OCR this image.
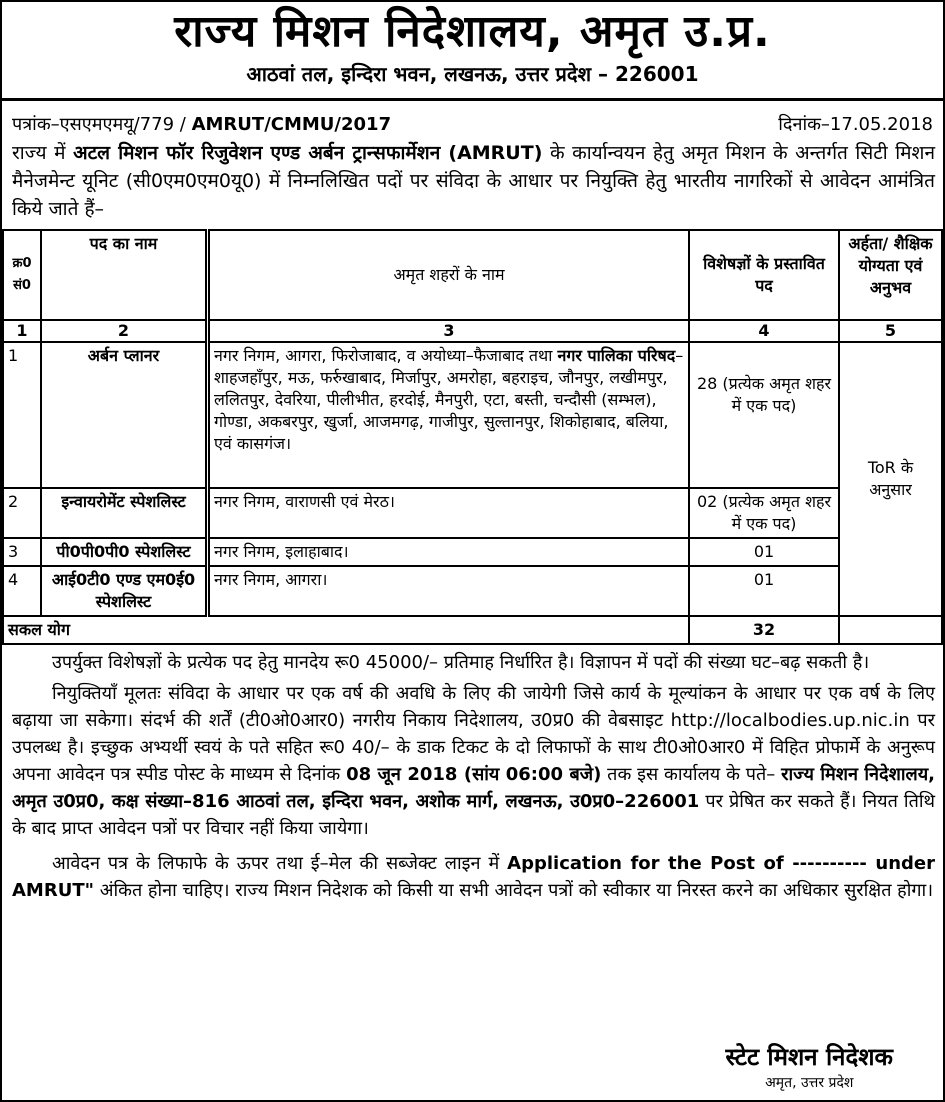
राज्य मिशन निदेशालय, अमृत उ.प्र.
आठवां तल, इन्दिरा भवन, लखनऊ, उत्तर प्रदेश – 226001
पत्रांक–एसएमएमयू/779 / AMRUT/CMMU/2017	दिनांक–17.05.2018
राज्य में अटल मिशन फॉर रिजुवेशन एण्ड अर्बन ट्रान्सफार्मेशन (AMRUT) के कार्यान्वयन हेतु अमृत मिशन के अन्तर्गत सिटी मिशन मैनेजमेन्ट यूनिट (सी0एम0एम0यू0) में निम्नलिखित पदों पर संविदा के आधार पर नियुक्ति हेतु भारतीय नागरिकों से आवेदन आमंत्रित किये जाते हैं–
क्र0 सं0	पद का नाम	अमृत शहरों के नाम	विशेषज्ञों के प्रस्तावित पद	अर्हता/ शैक्षिक योग्यता एवं अनुभव
1	2	3	4	5
1	अर्बन प्लानर	नगर निगम, आगरा, फिरोजाबाद, व अयोध्या–फैजाबाद तथा नगर पालिका परिषद–शाहजहाँपुर, मऊ, फर्रुखाबाद, मिर्जापुर, अमरोहा, बहराइच, जौनपुर, लखीमपुर, ललितपुर, देवरिया, पीलीभीत, हरदोई, मैनपुरी, एटा, बस्ती, चन्दौसी (सम्भल), गोण्डा, अकबरपुर, खुर्जा, आजमगढ़, गाजीपुर, सुल्तानपुर, शिकोहाबाद, बलिया, एवं कासगंज।	28 (प्रत्येक अमृत शहर में एक पद)	ToR के अनुसार
2	इन्वायरोमेंट स्पेशलिस्ट	नगर निगम, वाराणसी एवं मेरठ।	02 (प्रत्येक अमृत शहर में एक पद)	
3	पी0पी0पी0 स्पेशलिस्ट	नगर निगम, इलाहाबाद।	01	
4	आई0टी0 एण्ड एम0ई0 स्पेशलिस्ट	नगर निगम, आगरा।	01	
सकल योग			32	
उपर्युक्त विशेषज्ञों के प्रत्येक पद हेतु मानदेय रू0 45000/– प्रतिमाह निर्धारित है। विज्ञापन में पदों की संख्या घट–बढ़ सकती है।
नियुक्तियाँ मूलतः संविदा के आधार पर एक वर्ष की अवधि के लिए की जायेगी जिसे कार्य के मूल्यांकन के आधार पर एक वर्ष के लिए बढ़ाया जा सकेगा। संदर्भ की शर्तें (टी0ओ0आर0) नगरीय निकाय निदेशालय, उ0प्र0 की वेबसाइट http://localbodies.up.nic.in पर उपलब्ध है। इच्छुक अभ्यर्थी स्वयं के पते सहित रू0 40/– के डाक टिकट के दो लिफाफों के साथ टी0ओ0आर0 में विहित प्रोफार्मे के अनुरूप अपना आवेदन पत्र स्पीड पोस्ट के माध्यम से दिनांक 08 जून 2018 (सांय 06:00 बजे) तक इस कार्यालय के पते– राज्य मिशन निदेशालय, अमृत उ0प्र0, कक्ष संख्या–816 आठवां तल, इन्दिरा भवन, अशोक मार्ग, लखनऊ, उ0प्र0–226001 पर प्रेषित कर सकते हैं। नियत तिथि के बाद प्राप्त आवेदन पत्रों पर विचार नहीं किया जायेगा।
आवेदन पत्र के लिफाफे के ऊपर तथा ई–मेल की सब्जेक्ट लाइन में Application for the Post of ---------- under AMRUT" अंकित होना चाहिए। राज्य मिशन निदेशक को किसी या सभी आवेदन पत्रों को स्वीकार या निरस्त करने का अधिकार सुरक्षित होगा।
स्टेट मिशन निदेशक
अमृत, उत्तर प्रदेश
